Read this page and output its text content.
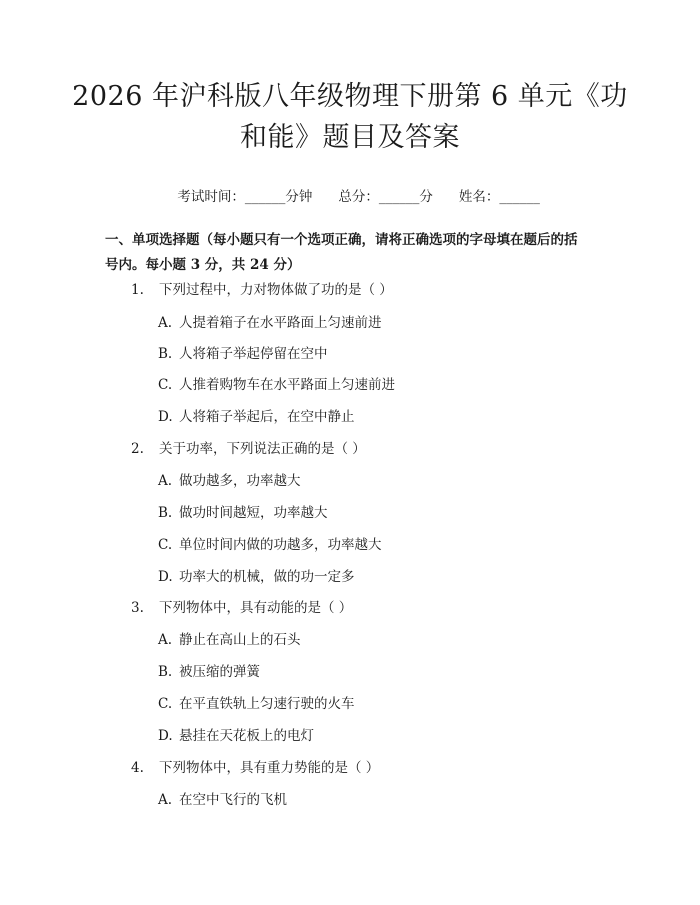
2026 年沪科版八年级物理下册第 6 单元《功
和能》题目及答案

考试时间：______分钟 总分：______分 姓名：______

一、单项选择题（每小题只有一个选项正确，请将正确选项的字母填在题后的括
号内。每小题 3 分，共 24 分）
1. 下列过程中，力对物体做了功的是（ ）
A. 人提着箱子在水平路面上匀速前进
B. 人将箱子举起停留在空中
C. 人推着购物车在水平路面上匀速前进
D. 人将箱子举起后，在空中静止
2. 关于功率，下列说法正确的是（ ）
A. 做功越多，功率越大
B. 做功时间越短，功率越大
C. 单位时间内做的功越多，功率越大
D. 功率大的机械，做的功一定多
3. 下列物体中，具有动能的是（ ）
A. 静止在高山上的石头
B. 被压缩的弹簧
C. 在平直铁轨上匀速行驶的火车
D. 悬挂在天花板上的电灯
4. 下列物体中，具有重力势能的是（ ）
A. 在空中飞行的飞机
